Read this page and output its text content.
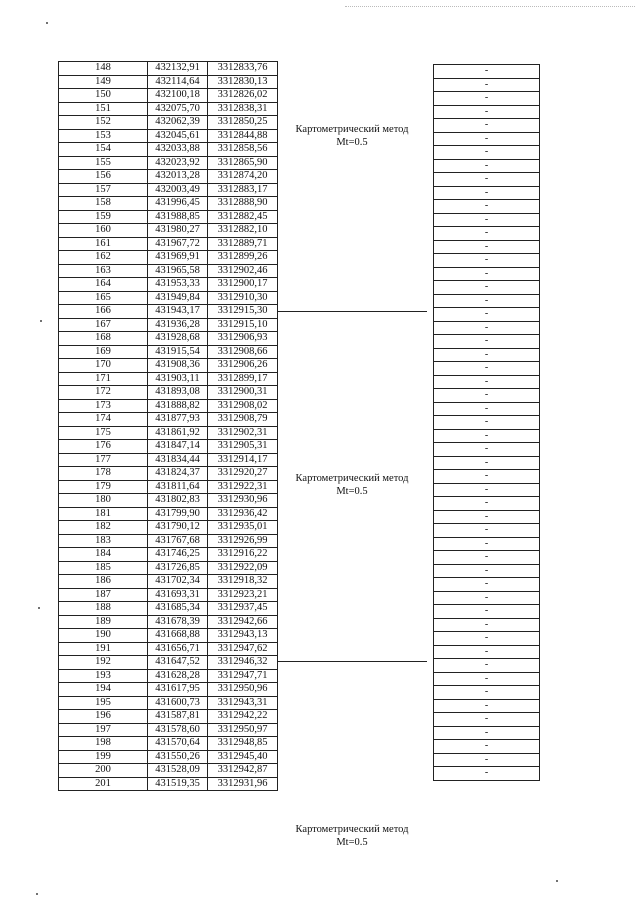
148	432132,91	3312833,76
149	432114,64	3312830,13
150	432100,18	3312826,02
151	432075,70	3312838,31
152	432062,39	3312850,25
153	432045,61	3312844,88
154	432033,88	3312858,56
155	432023,92	3312865,90
156	432013,28	3312874,20
157	432003,49	3312883,17
158	431996,45	3312888,90
159	431988,85	3312882,45
160	431980,27	3312882,10
161	431967,72	3312889,71
162	431969,91	3312899,26
163	431965,58	3312902,46
164	431953,33	3312900,17
165	431949,84	3312910,30
166	431943,17	3312915,30
167	431936,28	3312915,10
168	431928,68	3312906,93
169	431915,54	3312908,66
170	431908,36	3312906,26
171	431903,11	3312899,17
172	431893,08	3312900,31
173	431888,82	3312908,02
174	431877,93	3312908,79
175	431861,92	3312902,31
176	431847,14	3312905,31
177	431834,44	3312914,17
178	431824,37	3312920,27
179	431811,64	3312922,31
180	431802,83	3312930,96
181	431799,90	3312936,42
182	431790,12	3312935,01
183	431767,68	3312926,99
184	431746,25	3312916,22
185	431726,85	3312922,09
186	431702,34	3312918,32
187	431693,31	3312923,21
188	431685,34	3312937,45
189	431678,39	3312942,66
190	431668,88	3312943,13
191	431656,71	3312947,62
192	431647,52	3312946,32
193	431628,28	3312947,71
194	431617,95	3312950,96
195	431600,73	3312943,31
196	431587,81	3312942,22
197	431578,60	3312950,97
198	431570,64	3312948,85
199	431550,26	3312945,40
200	431528,09	3312942,87
201	431519,35	3312931,96
Картометрический метод
Mt=0.5
Картометрический метод
Mt=0.5
Картометрический метод
Mt=0.5
-
-
-
-
-
-
-
-
-
-
-
-
-
-
-
-
-
-
-
-
-
-
-
-
-
-
-
-
-
-
-
-
-
-
-
-
-
-
-
-
-
-
-
-
-
-
-
-
-
-
-
-
-
